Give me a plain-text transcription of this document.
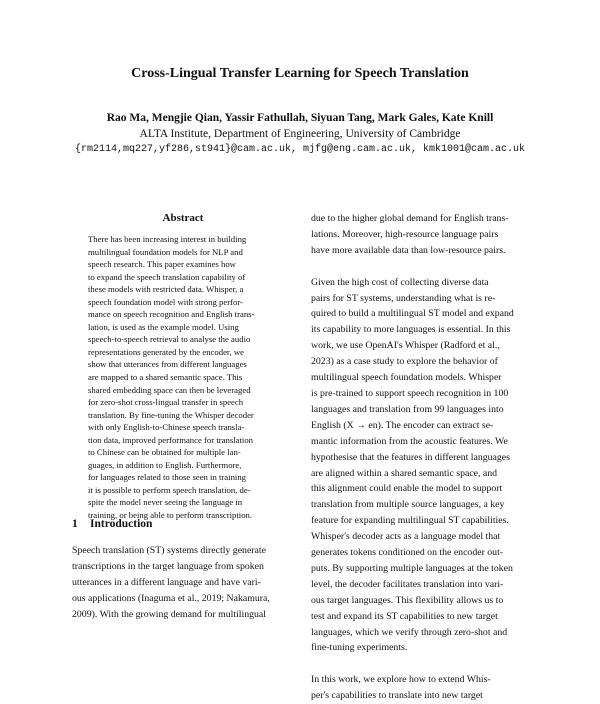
Cross-Lingual Transfer Learning for Speech Translation
Rao Ma, Mengjie Qian, Yassir Fathullah, Siyuan Tang, Mark Gales, Kate Knill
ALTA Institute, Department of Engineering, University of Cambridge
{rm2114,mq227,yf286,st941}@cam.ac.uk, mjfg@eng.cam.ac.uk, kmk1001@cam.ac.uk
Abstract
There has been increasing interest in building
multilingual foundation models for NLP and
speech research. This paper examines how
to expand the speech translation capability of
these models with restricted data. Whisper, a
speech foundation model with strong perfor-
mance on speech recognition and English trans-
lation, is used as the example model. Using
speech-to-speech retrieval to analyse the audio
representations generated by the encoder, we
show that utterances from different languages
are mapped to a shared semantic space. This
shared embedding space can then be leveraged
for zero-shot cross-lingual transfer in speech
translation. By fine-tuning the Whisper decoder
with only English-to-Chinese speech transla-
tion data, improved performance for translation
to Chinese can be obtained for multiple lan-
guages, in addition to English. Furthermore,
for languages related to those seen in training
it is possible to perform speech translation, de-
spite the model never seeing the language in
training, or being able to perform transcription.
1 Introduction
Speech translation (ST) systems directly generate
transcriptions in the target language from spoken
utterances in a different language and have vari-
ous applications (Inaguma et al., 2019; Nakamura,
2009). With the growing demand for multilingual
due to the higher global demand for English trans-
lations. Moreover, high-resource language pairs
have more available data than low-resource pairs.

Given the high cost of collecting diverse data
pairs for ST systems, understanding what is re-
quired to build a multilingual ST model and expand
its capability to more languages is essential. In this
work, we use OpenAI's Whisper (Radford et al.,
2023) as a case study to explore the behavior of
multilingual speech foundation models. Whisper
is pre-trained to support speech recognition in 100
languages and translation from 99 languages into
English (X → en). The encoder can extract se-
mantic information from the acoustic features. We
hypothesise that the features in different languages
are aligned within a shared semantic space, and
this alignment could enable the model to support
translation from multiple source languages, a key
feature for expanding multilingual ST capabilities.
Whisper's decoder acts as a language model that
generates tokens conditioned on the encoder out-
puts. By supporting multiple languages at the token
level, the decoder facilitates translation into vari-
ous target languages. This flexibility allows us to
test and expand its ST capabilities to new target
languages, which we verify through zero-shot and
fine-tuning experiments.

In this work, we explore how to extend Whis-
per's capabilities to translate into new target
